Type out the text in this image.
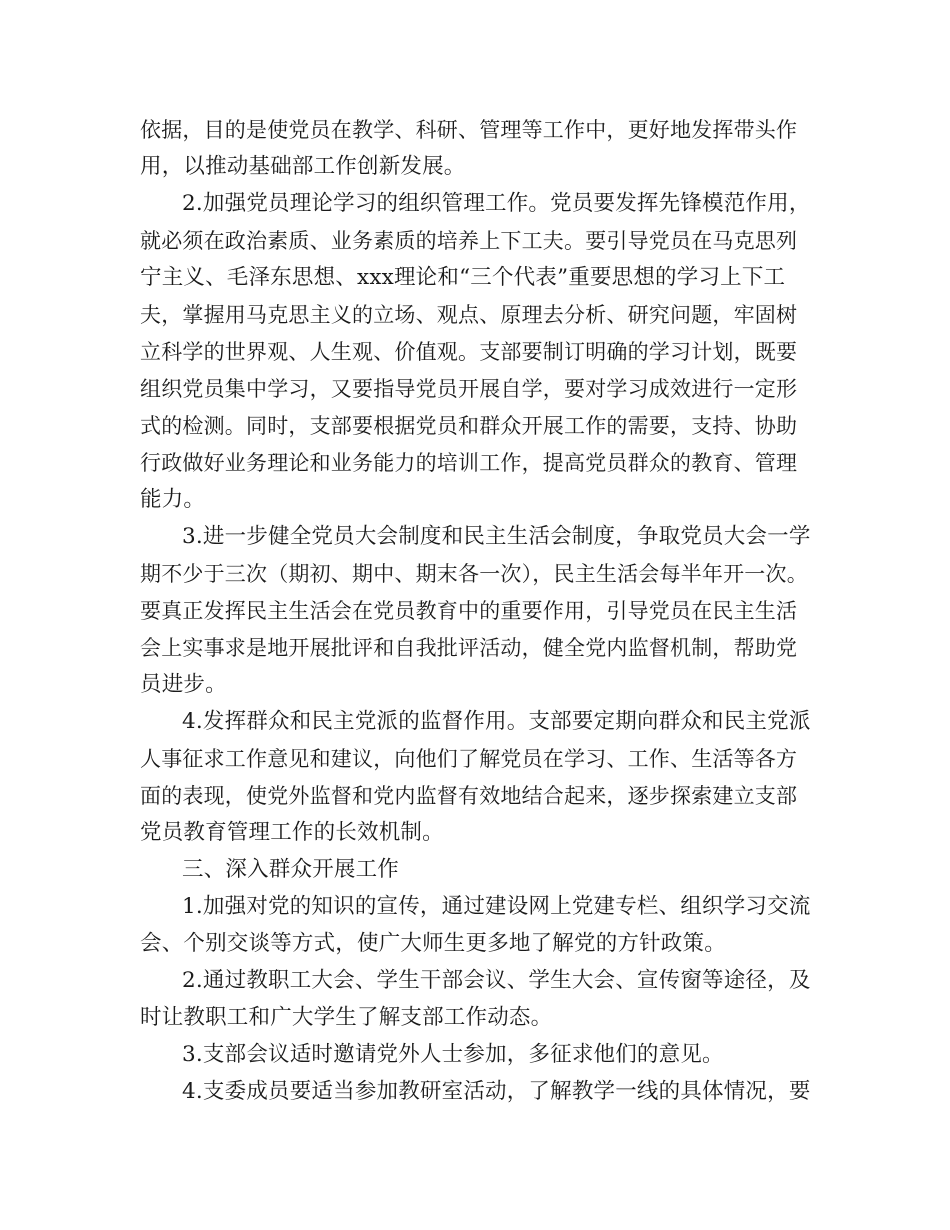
依据，目的是使党员在教学、科研、管理等工作中，更好地发挥带头作
用，以推动基础部工作创新发展。
2.加强党员理论学习的组织管理工作。党员要发挥先锋模范作用，
就必须在政治素质、业务素质的培养上下工夫。要引导党员在马克思列
宁主义、毛泽东思想、xxx理论和“三个代表”重要思想的学习上下工
夫，掌握用马克思主义的立场、观点、原理去分析、研究问题，牢固树
立科学的世界观、人生观、价值观。支部要制订明确的学习计划，既要
组织党员集中学习，又要指导党员开展自学，要对学习成效进行一定形
式的检测。同时，支部要根据党员和群众开展工作的需要，支持、协助
行政做好业务理论和业务能力的培训工作，提高党员群众的教育、管理
能力。
3.进一步健全党员大会制度和民主生活会制度，争取党员大会一学
期不少于三次（期初、期中、期末各一次），民主生活会每半年开一次。
要真正发挥民主生活会在党员教育中的重要作用，引导党员在民主生活
会上实事求是地开展批评和自我批评活动，健全党内监督机制，帮助党
员进步。
4.发挥群众和民主党派的监督作用。支部要定期向群众和民主党派
人事征求工作意见和建议，向他们了解党员在学习、工作、生活等各方
面的表现，使党外监督和党内监督有效地结合起来，逐步探索建立支部
党员教育管理工作的长效机制。
三、深入群众开展工作
1.加强对党的知识的宣传，通过建设网上党建专栏、组织学习交流
会、个别交谈等方式，使广大师生更多地了解党的方针政策。
2.通过教职工大会、学生干部会议、学生大会、宣传窗等途径，及
时让教职工和广大学生了解支部工作动态。
3.支部会议适时邀请党外人士参加，多征求他们的意见。
4.支委成员要适当参加教研室活动，了解教学一线的具体情况，要
